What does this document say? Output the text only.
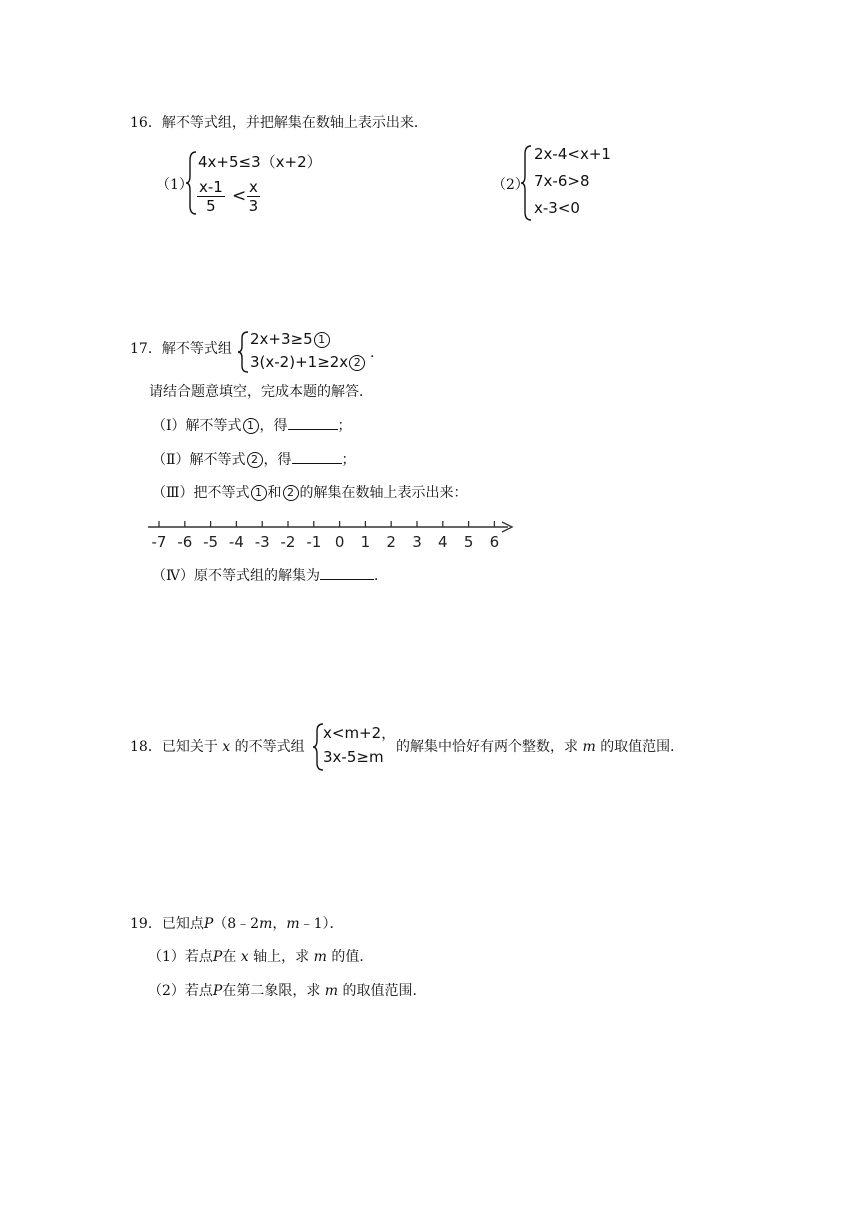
16．解不等式组，并把解集在数轴上表示出来．
（1）
4x+5≤3（x+2）
$\frac{x-1}{5} < \frac{x}{3}$	（2）
2x-4<x+1
7x-6>8
x-3<0
17．解不等式组
2x+3≥5 1
3(x-2)+1≥2x 2
.
请结合题意填空，完成本题的解答．
（Ⅰ）解不等式 1 ，得	；
（Ⅱ）解不等式 2 ，得	；
（Ⅲ）把不等式 1 和 2 的解集在数轴上表示出来：
-7 -6 -5 -4 -3 -2 -1 0 1 2 3 4 5 6
（Ⅳ）原不等式组的解集为	．
18．已知关于 x 的不等式组
x<m+2，
3x-5≥m
的解集中恰好有两个整数，求 m 的取值范围．
19．已知点P（8﹣2m，m﹣1）．
（1）若点P在 x 轴上，求 m 的值．
（2）若点P在第二象限，求 m 的取值范围．
